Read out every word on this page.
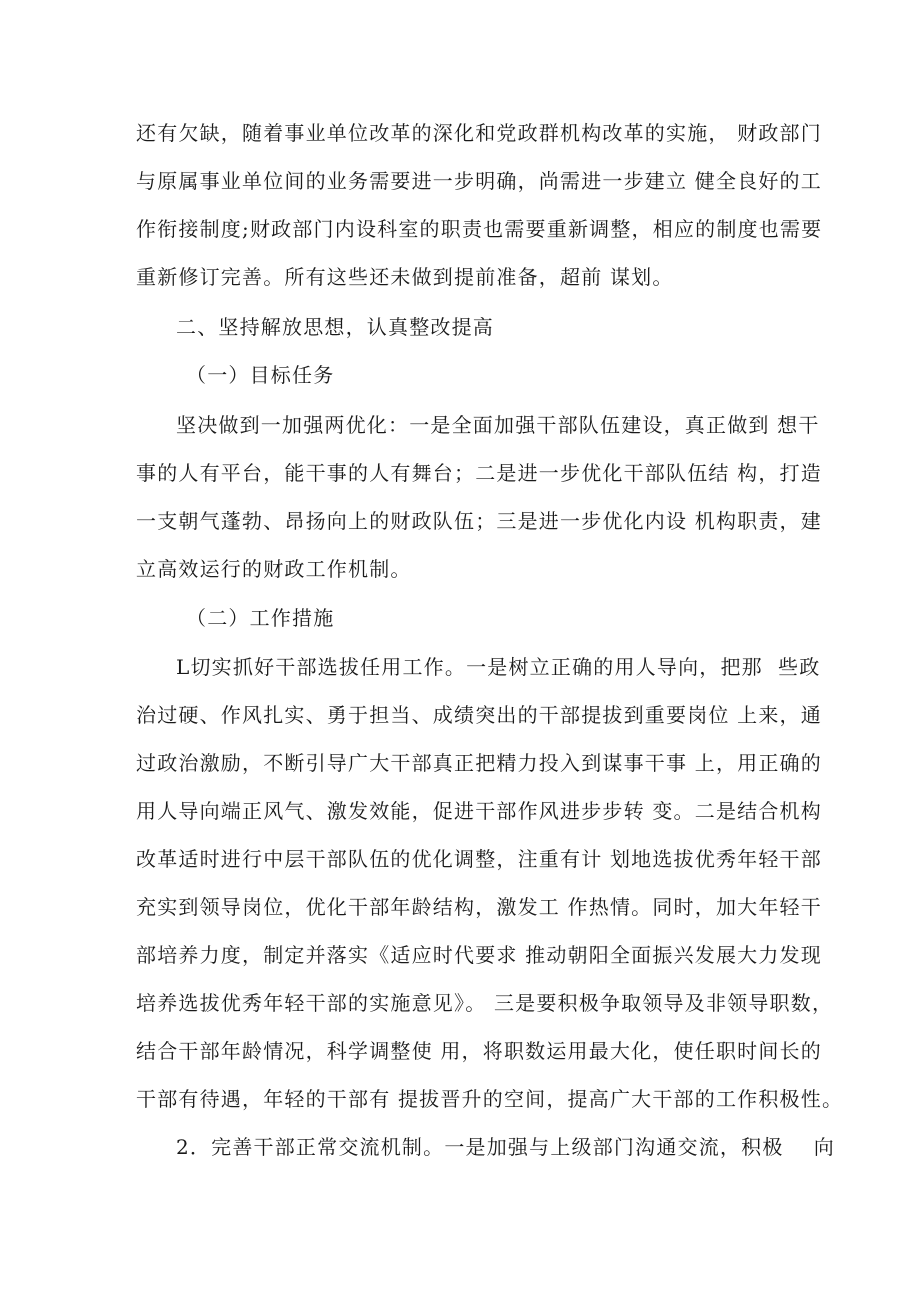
还有欠缺，随着事业单位改革的深化和党政群机构改革的实施， 财政部门
与原属事业单位间的业务需要进一步明确，尚需进一步建立 健全良好的工
作衔接制度;财政部门内设科室的职责也需要重新调整，相应的制度也需要
重新修订完善。所有这些还未做到提前准备，超前 谋划。
二、坚持解放思想，认真整改提高
（一）目标任务
坚决做到一加强两优化：一是全面加强干部队伍建设，真正做到 想干
事的人有平台，能干事的人有舞台；二是进一步优化干部队伍结 构，打造
一支朝气蓬勃、昂扬向上的财政队伍；三是进一步优化内设 机构职责，建
立高效运行的财政工作机制。
（二）工作措施
L切实抓好干部选拔任用工作。一是树立正确的用人导向，把那  些政
治过硬、作风扎实、勇于担当、成绩突出的干部提拔到重要岗位 上来，通
过政治激励，不断引导广大干部真正把精力投入到谋事干事 上，用正确的
用人导向端正风气、激发效能，促进干部作风进步步转 变。二是结合机构
改革适时进行中层干部队伍的优化调整，注重有计 划地选拔优秀年轻干部
充实到领导岗位，优化干部年龄结构，激发工 作热情。同时，加大年轻干
部培养力度，制定并落实《适应时代要求 推动朝阳全面振兴发展大力发现
培养选拔优秀年轻干部的实施意见》。 三是要积极争取领导及非领导职数，
结合干部年龄情况，科学调整使 用，将职数运用最大化，使任职时间长的
干部有待遇，年轻的干部有 提拔晋升的空间，提高广大干部的工作积极性。
2．完善干部正常交流机制。一是加强与上级部门沟通交流，积极    向
